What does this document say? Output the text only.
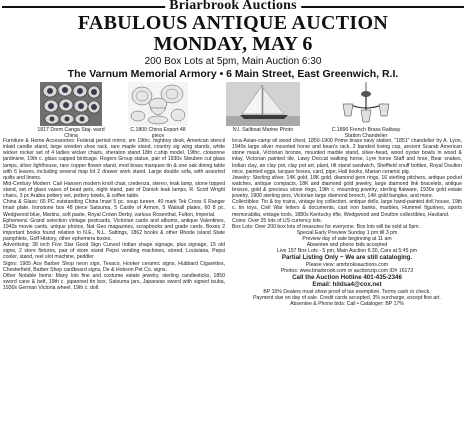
Briarbrook Auctions
FABULOUS ANTIQUE AUCTION
MONDAY, MAY 6
200 Box Lots at 5pm, Main Auction 6:30
The Varnum Memorial Armory • 6 Main Street, East Greenwich, R.I.
1817 Dorm Canga Staj- ward China
C.1800 China Export 48 piece
N.l. Sailboat Marine Photo	C.1890 French Brass Railway Station Chandelier

Furniture & Home Accessories: Federal period mirror, sm 19thc. highboy desk, American stencil inlaid candle stand, large wooden shoe rack, rare maple stand, country sig wing stands, white wicker rocker set of 4 ladies wicker chairs, sheraton stand 18th c.ship model, 19thc. cloisonne jardiniere, 19th c. glass capped birdcage. Rogers Group statue, pair of 1930s Steuben cut glass lamps, silver lighthouse, rare copper flower stand, mod brass marquee tin & one oak dining table with 6 leaves, including several map lot 2 drawer work stand. Large double sofa, with assorted quilts and linens.

Mid-Century Modern: Carl Hansen modern knoll chair, credenza, stereo, teak lamp, stone topped stand, set of glass vases of bead pets, night stand, pair of Danish teak lamps, R. Scott Wright chairs, 3 pc Arabia pottery set, pottery bowls, & coffee table.

China & Glass: 65 PC outstanding China Imari 5 pc. soup tureen. 40 mark Tek Cross 6 Ranger Imari plate. Ironstone box 48 piece Satsuma, 5 Castle of Armon, 5 Walsall plates, 60 8 pc. Wedgwood blue, Martins, soft paste, Royal Crown Derby, various Rosenthal, Fulton, Imperial.

Ephemera: Grand selection vintage postcards, Victorian cards and albums, antique Valentines, 1940s movie cards, unique photos, Nat Geo magazines, scrapbooks and grade cards. Boxes 2 important books found relation to N.E., N.L. Sattings, 1862 books & other Rhode Island State pamphlets, Golf History, other ephemera boxes.

Advertising: 38 inch Five Star Good Sign Curved Indian shape signage, plus signage, 15 old signs, 2 store fixtures, pair of store stand Pepsi vending machines, stored, Louisiana, Pepsi cooler, stand, reel slot machine, peddler.

Signs: 1905 Ace Barber Shop neon sign, Texaco, Hooker ceramic signs, Hubbard Cigarettes, Chesterfield, Barber Shop cardboard signs, De & Hobson Pet Co. signs.

Other Notable Items: Many lots fine and costume estate jewelry, sterling candlesticks, 1850 sword cane & belt, 19th c. japanned tin box, Satsuma jars, Japanese sword with signed tsuba, 1930s German Victoria wheel, 19th c. doll.

Inca-Asian-camp oil wood chest, 1850-1900 Prime brass navy station, "1851" chandelier by A. Lyon, 1940s large silver mounted horse and bean's rack, 2 banded loving cup, ancient Scarab American stone mask, Victorian bronze, mounted marble stand, silver-head, wood oyster bowls in wood & inlay, Victorian painted tile, Lawy Doccat walking horse, Lyre horse Staff and hrse, Bear snakes, Indian clay, an clay pot, clay pot art, plant, tilt stand sandwich, Sheffield snuff bottles, Royal Doulton mice, painted eggs, lacquer boxes, card, pipe, Hall books, Marian ceramic pig.

Jewelry: Sterling silver, 14K gold, 18K gold, diamond gem rings, 16 sterling pitchers, antique pocket watches, antique compacts, 18K and diamond gold jewelry, large diamond link bracelets, antique bronze, gold & precious stone rings, 19th c. mourning jewelry, sterling flatware, 1930s gold estate jewelry, 1900 sterling pins, Victorian large diamond brooch, 14K gold bangles, and more.

Collectibles: Tin & toy trains, vintage toy collection, antique dolls, large hand-painted doll house, 19th c. tin toys, Civil War letters & documents, cast iron banks, marbles, Hummel figurines, sports memorabilia, vintage tools, 1880s Kentucky rifle, Wedgwood and Doulton collectibles, Haviland.

Coins: Over 25 lots of US currency lots.

Box Lots: Over 200 box lots of treasures for everyone. Box lots will be sold at 5pm.

Special Early Preview Sunday 1 pm till 3 pm

Preview day of sale beginning at 11 am

Absentee and phone bids accepted

Live 157 Box Lots - 5 pm, Main Auction 6:30, Cars at 5:45 pm

Partial Listing Only ~ We are still cataloging.

Please view: amrbroksauctions.com

Photos: www.briarbrook.com or auctionzip.com ID# 16173

Call the Auction Hotline 401-435-2346

Email: hildsa4@cox.net

BP 15% Dealers must show proof of tax exemption. Terms cash or check.

Payment due on day of sale. Credit cards accepted, 3% surcharge, except fine art.

Absentee & Phone bids: Call • Cataloger: BP 17%
